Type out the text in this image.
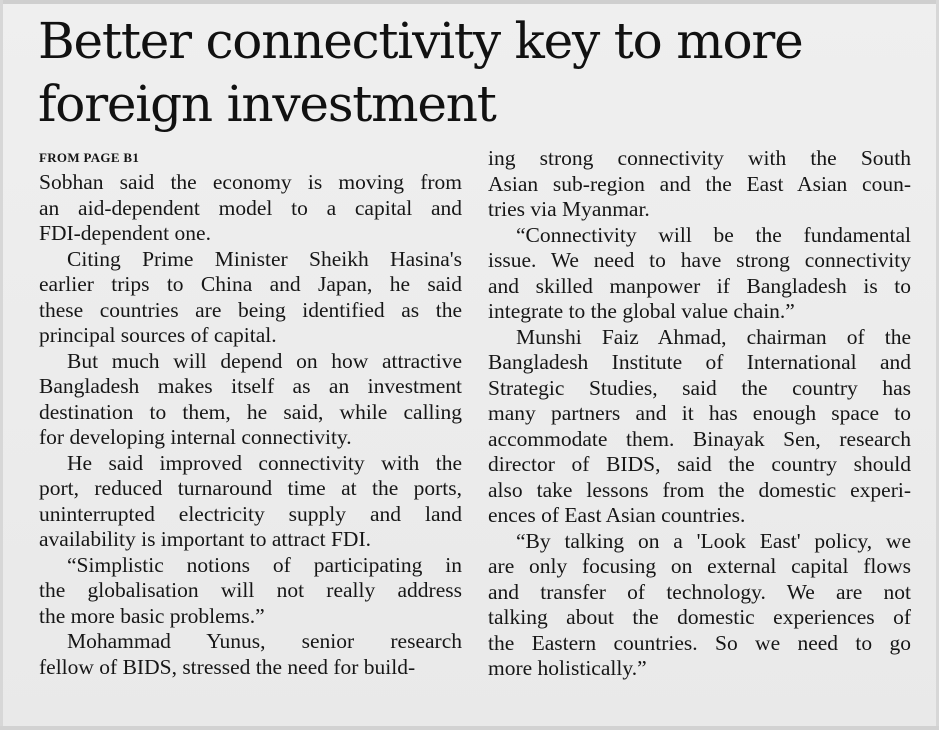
Better connectivity key to more
foreign investment
FROM PAGE B1
Sobhan said the economy is moving from
an aid-dependent model to a capital and
FDI-dependent one.
Citing Prime Minister Sheikh Hasina's
earlier trips to China and Japan, he said
these countries are being identified as the
principal sources of capital.
But much will depend on how attractive
Bangladesh makes itself as an investment
destination to them, he said, while calling
for developing internal connectivity.
He said improved connectivity with the
port, reduced turnaround time at the ports,
uninterrupted electricity supply and land
availability is important to attract FDI.
“Simplistic notions of participating in
the globalisation will not really address
the more basic problems.”
Mohammad Yunus, senior research
fellow of BIDS, stressed the need for build-
ing strong connectivity with the South
Asian sub-region and the East Asian coun-
tries via Myanmar.
“Connectivity will be the fundamental
issue. We need to have strong connectivity
and skilled manpower if Bangladesh is to
integrate to the global value chain.”
Munshi Faiz Ahmad, chairman of the
Bangladesh Institute of International and
Strategic Studies, said the country has
many partners and it has enough space to
accommodate them. Binayak Sen, research
director of BIDS, said the country should
also take lessons from the domestic experi-
ences of East Asian countries.
“By talking on a 'Look East' policy, we
are only focusing on external capital flows
and transfer of technology. We are not
talking about the domestic experiences of
the Eastern countries. So we need to go
more holistically.”
